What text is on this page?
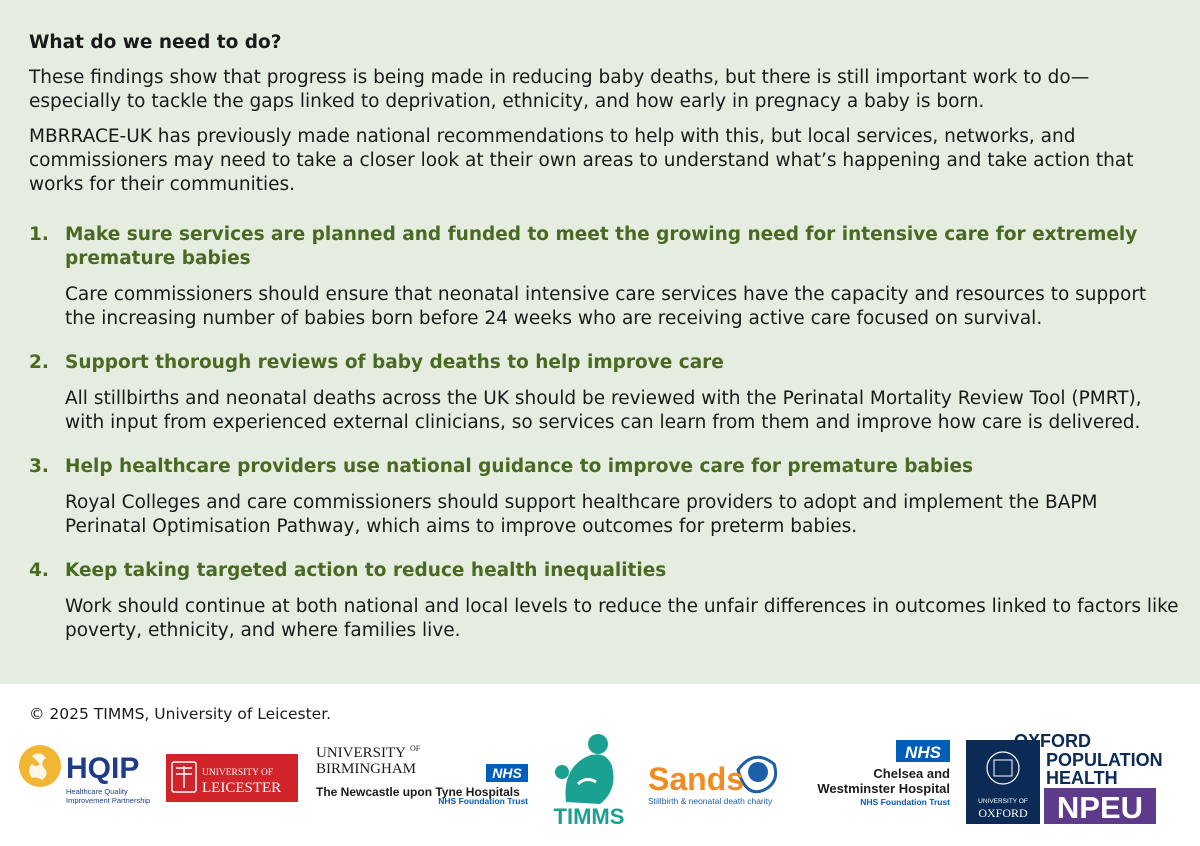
What do we need to do?

These findings show that progress is being made in reducing baby deaths, but there is still important work to do—especially to tackle the gaps linked to deprivation, ethnicity, and how early in pregnacy a baby is born.

MBRRACE-UK has previously made national recommendations to help with this, but local services, networks, and commissioners may need to take a closer look at their own areas to understand what’s happening and take action that works for their communities.

1. Make sure services are planned and funded to meet the growing need for intensive care for extremely premature babies

Care commissioners should ensure that neonatal intensive care services have the capacity and resources to support the increasing number of babies born before 24 weeks who are receiving active care focused on survival.

2. Support thorough reviews of baby deaths to help improve care

All stillbirths and neonatal deaths across the UK should be reviewed with the Perinatal Mortality Review Tool (PMRT), with input from experienced external clinicians, so services can learn from them and improve how care is delivered.

3. Help healthcare providers use national guidance to improve care for premature babies

Royal Colleges and care commissioners should support healthcare providers to adopt and implement the BAPM Perinatal Optimisation Pathway, which aims to improve outcomes for preterm babies.

4. Keep taking targeted action to reduce health inequalities

Work should continue at both national and local levels to reduce the unfair differences in outcomes linked to factors like poverty, ethnicity, and where families live.

© 2025 TIMMS, University of Leicester.
HQIP
Healthcare Quality
Improvement Partnership
UNIVERSITY OF
LEICESTER
UNIVERSITY OF
BIRMINGHAM	NHS
The Newcastle upon Tyne Hospitals
NHS Foundation Trust
TIMMS
Sands
Stillbirth & neonatal death charity
NHS
Chelsea and
Westminster Hospital
NHS Foundation Trust	UNIVERSITY OF
OXFORD
OXFORD
POPULATION
HEALTH
NPEU
